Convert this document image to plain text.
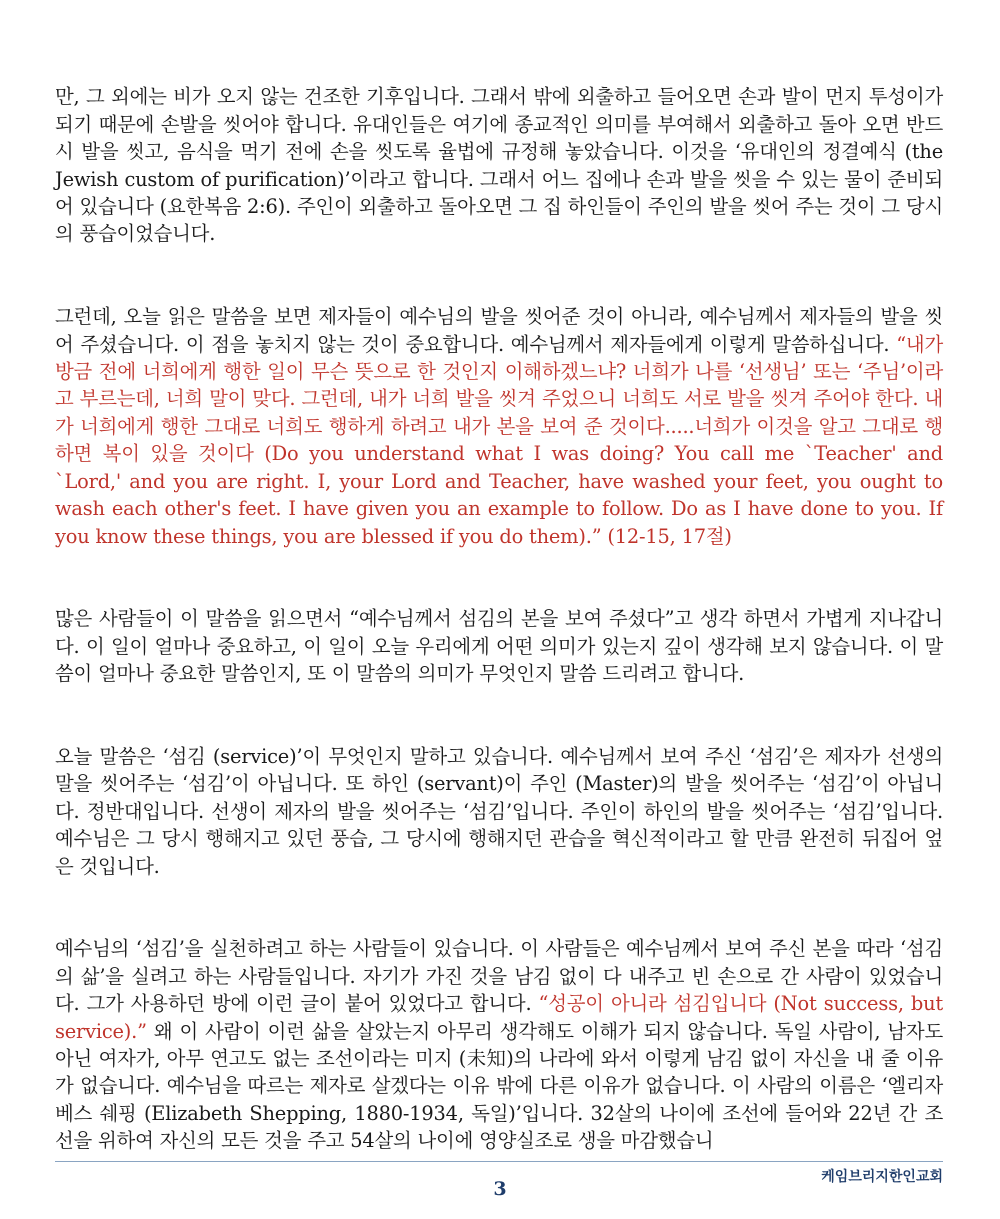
만, 그 외에는 비가 오지 않는 건조한 기후입니다. 그래서 밖에 외출하고 들어오면 손과 발이 먼지 투성이가 되기 때문에 손발을 씻어야 합니다. 유대인들은 여기에 종교적인 의미를 부여해서 외출하고 돌아 오면 반드시 발을 씻고, 음식을 먹기 전에 손을 씻도록 율법에 규정해 놓았습니다. 이것을 ‘유대인의 정결예식 (the Jewish custom of purification)’이라고 합니다. 그래서 어느 집에나 손과 발을 씻을 수 있는 물이 준비되어 있습니다 (요한복음 2:6). 주인이 외출하고 돌아오면 그 집 하인들이 주인의 발을 씻어 주는 것이 그 당시의 풍습이었습니다.

그런데, 오늘 읽은 말씀을 보면 제자들이 예수님의 발을 씻어준 것이 아니라, 예수님께서 제자들의 발을 씻어 주셨습니다. 이 점을 놓치지 않는 것이 중요합니다. 예수님께서 제자들에게 이렇게 말씀하십니다. “내가 방금 전에 너희에게 행한 일이 무슨 뜻으로 한 것인지 이해하겠느냐? 너희가 나를 ‘선생님’ 또는 ‘주님’이라고 부르는데, 너희 말이 맞다. 그런데, 내가 너희 발을 씻겨 주었으니 너희도 서로 발을 씻겨 주어야 한다. 내가 너희에게 행한 그대로 너희도 행하게 하려고 내가 본을 보여 준 것이다.....너희가 이것을 알고 그대로 행하면 복이 있을 것이다 (Do you understand what I was doing? You call me `Teacher' and `Lord,' and you are right. I, your Lord and Teacher, have washed your feet, you ought to wash each other's feet. I have given you an example to follow. Do as I have done to you. If you know these things, you are blessed if you do them).” (12-15, 17절)

많은 사람들이 이 말씀을 읽으면서 “예수님께서 섬김의 본을 보여 주셨다”고 생각 하면서 가볍게 지나갑니다. 이 일이 얼마나 중요하고, 이 일이 오늘 우리에게 어떤 의미가 있는지 깊이 생각해 보지 않습니다. 이 말씀이 얼마나 중요한 말씀인지, 또 이 말씀의 의미가 무엇인지 말씀 드리려고 합니다.

오늘 말씀은 ‘섬김 (service)’이 무엇인지 말하고 있습니다. 예수님께서 보여 주신 ‘섬김’은 제자가 선생의 말을 씻어주는 ‘섬김’이 아닙니다. 또 하인 (servant)이 주인 (Master)의 발을 씻어주는 ‘섬김’이 아닙니다. 정반대입니다. 선생이 제자의 발을 씻어주는 ‘섬김’입니다. 주인이 하인의 발을 씻어주는 ‘섬김’입니다. 예수님은 그 당시 행해지고 있던 풍습, 그 당시에 행해지던 관습을 혁신적이라고 할 만큼 완전히 뒤집어 엎은 것입니다.

예수님의 ‘섬김’을 실천하려고 하는 사람들이 있습니다. 이 사람들은 예수님께서 보여 주신 본을 따라 ‘섬김의 삶’을 실려고 하는 사람들입니다. 자기가 가진 것을 남김 없이 다 내주고 빈 손으로 간 사람이 있었습니다. 그가 사용하던 방에 이런 글이 붙어 있었다고 합니다. “성공이 아니라 섬김입니다 (Not success, but service).” 왜 이 사람이 이런 삶을 살았는지 아무리 생각해도 이해가 되지 않습니다. 독일 사람이, 남자도 아닌 여자가, 아무 연고도 없는 조선이라는 미지 (未知)의 나라에 와서 이렇게 남김 없이 자신을 내 줄 이유가 없습니다. 예수님을 따르는 제자로 살겠다는 이유 밖에 다른 이유가 없습니다. 이 사람의 이름은 ‘엘리자베스 쉐핑 (Elizabeth Shepping, 1880-1934, 독일)’입니다. 32살의 나이에 조선에 들어와 22년 간 조선을 위하여 자신의 모든 것을 주고 54살의 나이에 영양실조로 생을 마감했습니

케임브리지한인교회
3
